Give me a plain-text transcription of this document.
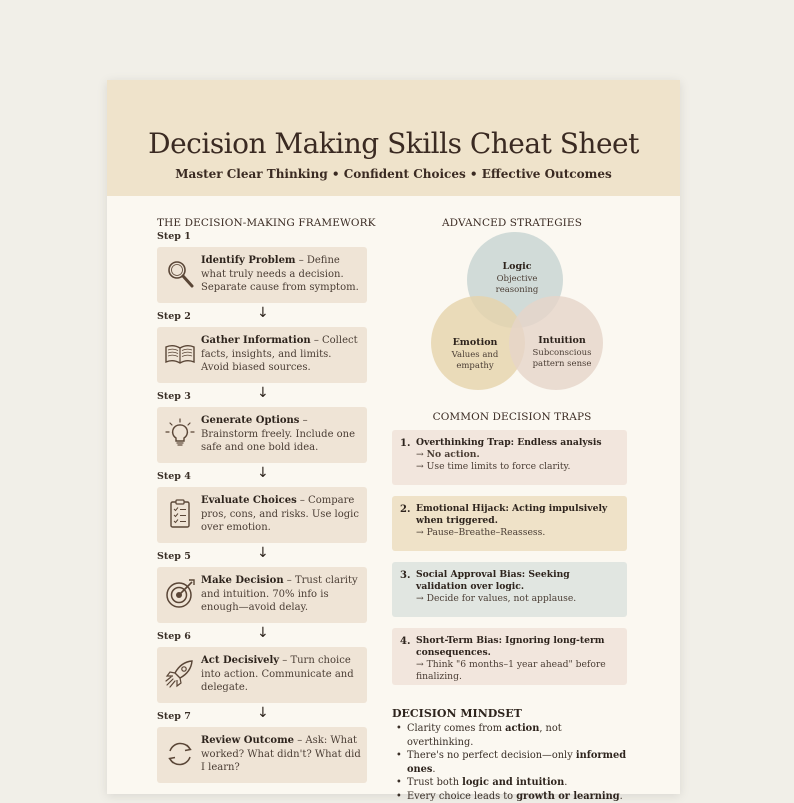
Decision Making Skills Cheat Sheet
Master Clear Thinking • Confident Choices • Effective Outcomes
THE DECISION-MAKING FRAMEWORK
Step 1
Identify Problem – Define what truly needs a decision. Separate cause from symptom.
↓
Step 2
Gather Information – Collect facts, insights, and limits. Avoid biased sources.
↓
Step 3
Generate Options – Brainstorm freely. Include one safe and one bold idea.
↓
Step 4
Evaluate Choices – Compare pros, cons, and risks. Use logic over emotion.
↓
Step 5
Make Decision – Trust clarity and intuition. 70% info is enough—avoid delay.
↓
Step 6
Act Decisively – Turn choice into action. Communicate and delegate.
↓
Step 7
Review Outcome – Ask: What worked? What didn't? What did I learn?
ADVANCED STRATEGIES
Logic
Objective
reasoning
Emotion
Values and
empathy
Intuition
Subconscious
pattern sense
COMMON DECISION TRAPS
1. Overthinking Trap: Endless analysis
→ No action.
→ Use time limits to force clarity.
2. Emotional Hijack: Acting impulsively when triggered.
→ Pause–Breathe–Reassess.
3. Social Approval Bias: Seeking validation over logic.
→ Decide for values, not applause.
4. Short-Term Bias: Ignoring long-term consequences.
→ Think "6 months–1 year ahead" before finalizing.
DECISION MINDSET
• Clarity comes from action, not overthinking.
• There's no perfect decision—only informed ones.
• Trust both logic and intuition.
• Every choice leads to growth or learning.
